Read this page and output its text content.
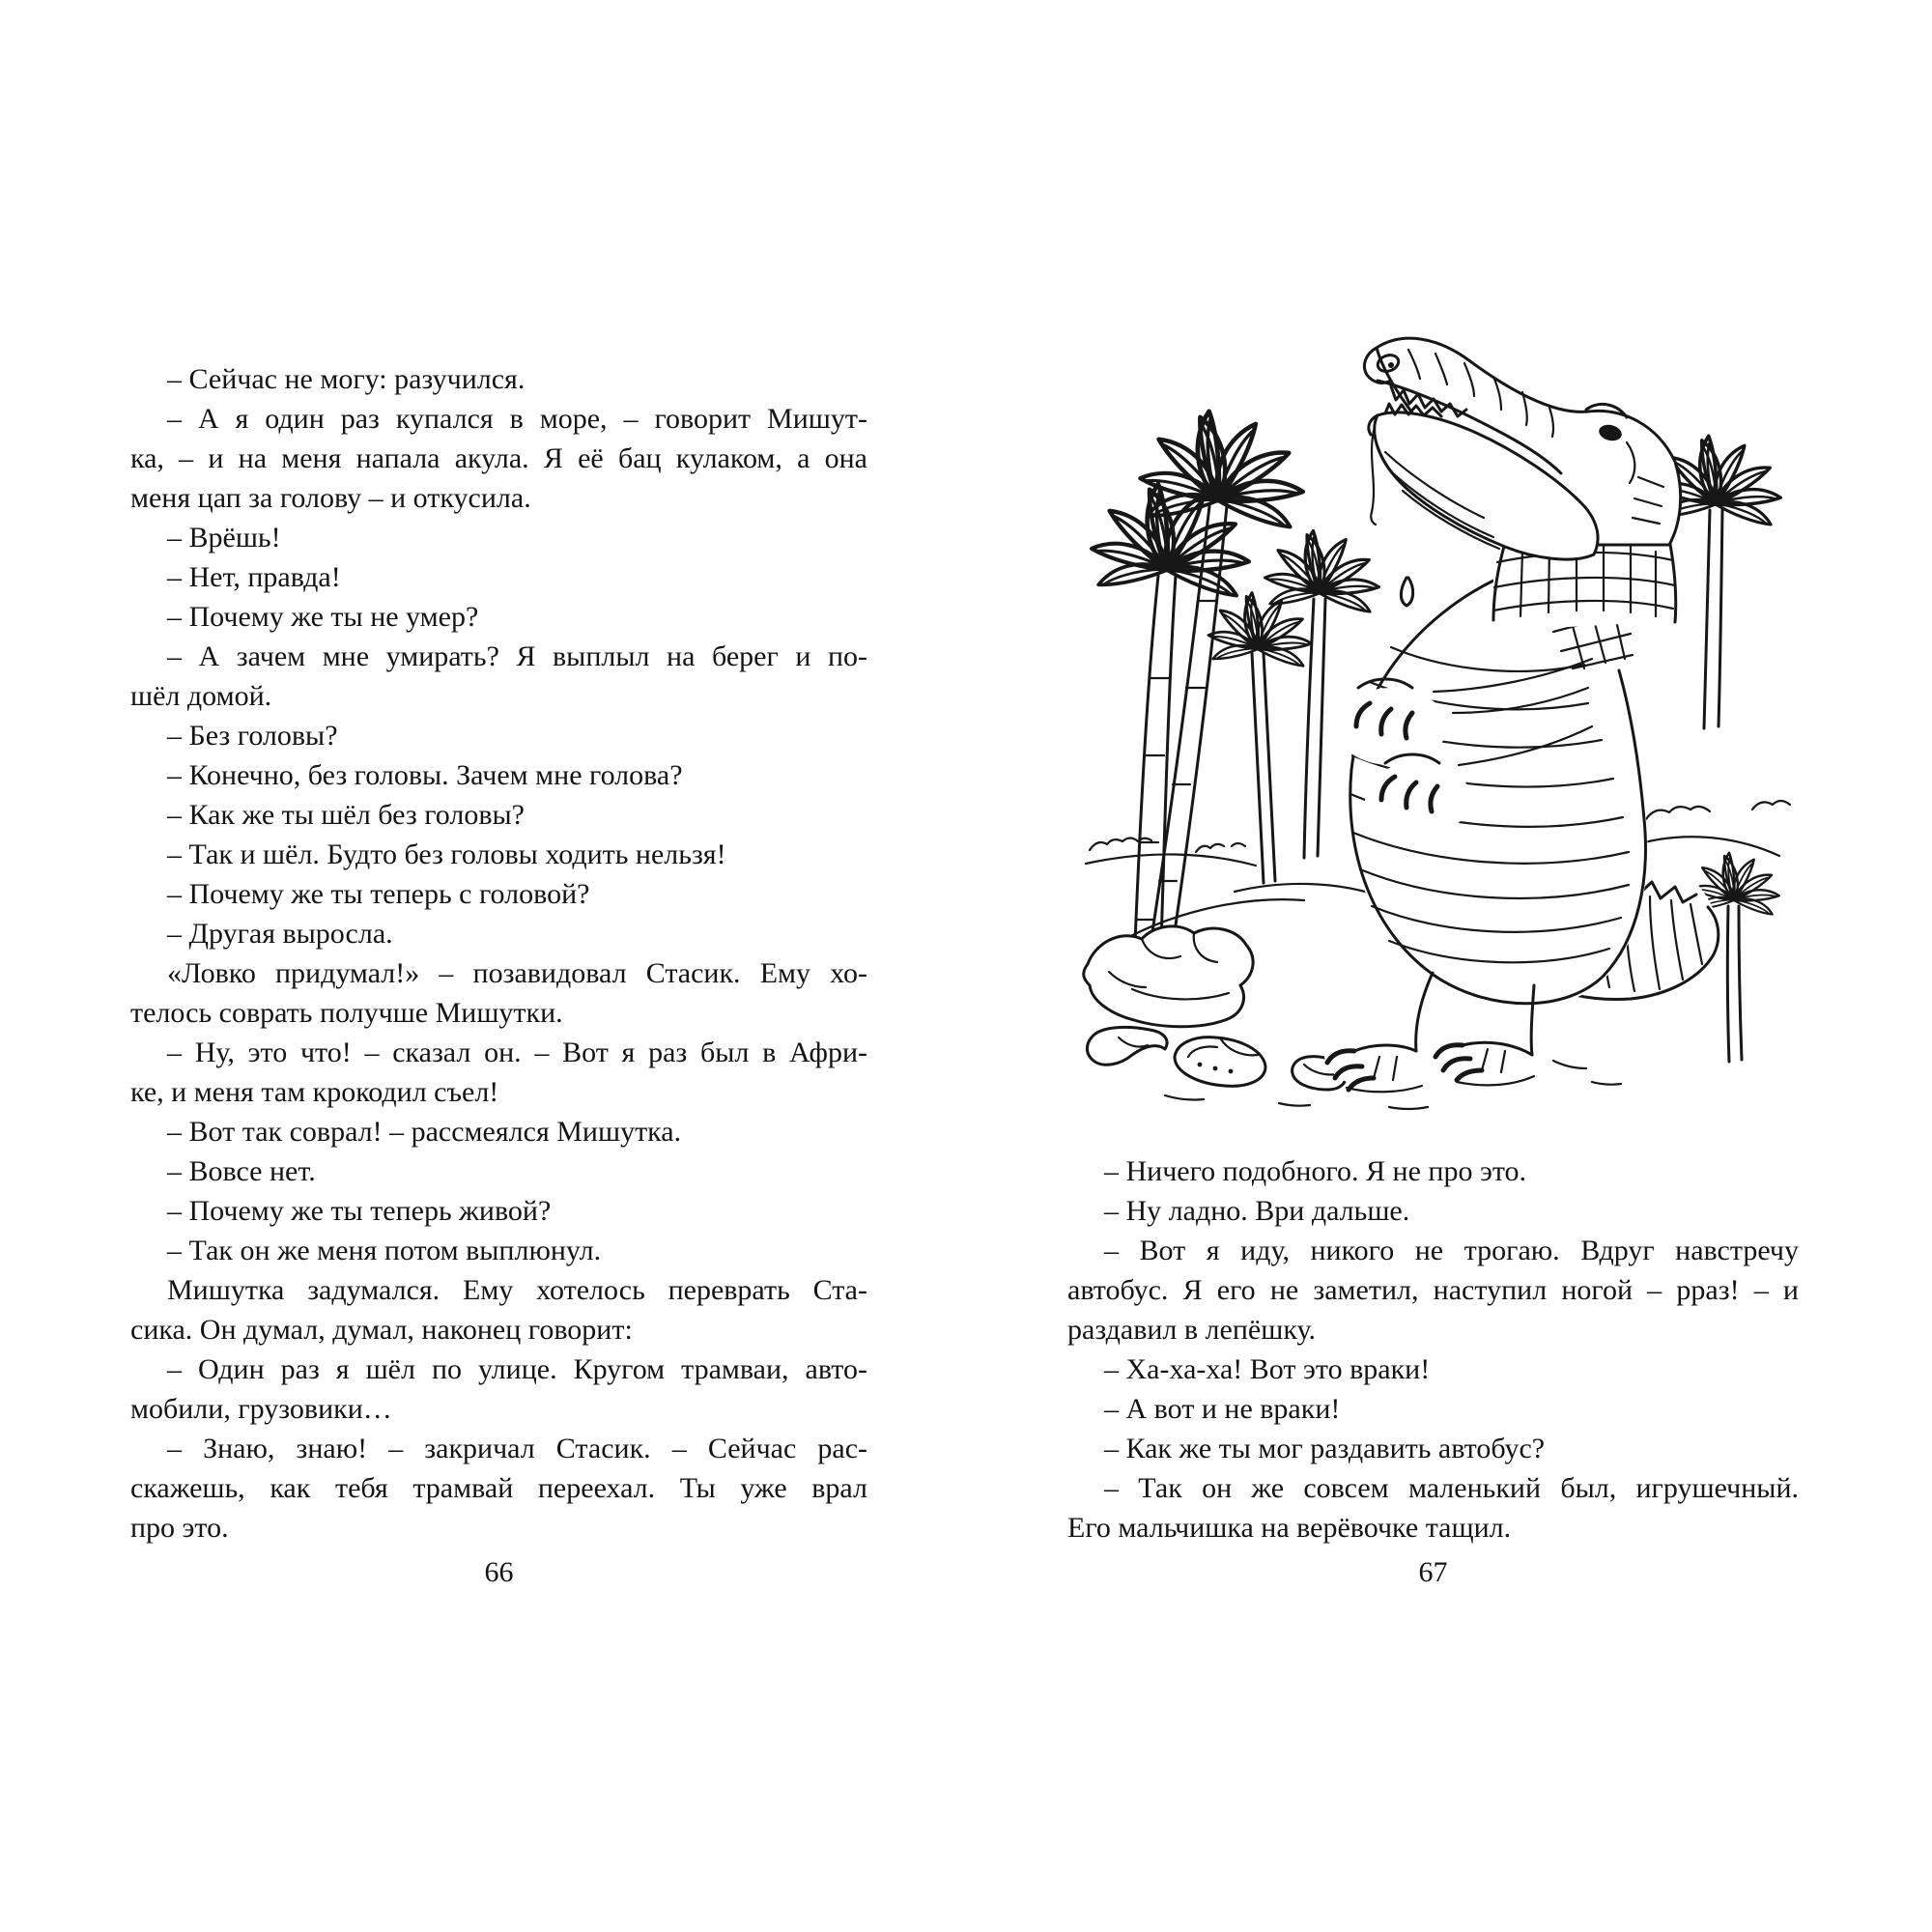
– Сейчас не могу: разучился.
– А я один раз купался в море, – говорит Мишут-
ка, – и на меня напала акула. Я её бац кулаком, а она
меня цап за голову – и откусила.
– Врёшь!
– Нет, правда!
– Почему же ты не умер?
– А зачем мне умирать? Я выплыл на берег и по-
шёл домой.
– Без головы?
– Конечно, без головы. Зачем мне голова?
– Как же ты шёл без головы?
– Так и шёл. Будто без головы ходить нельзя!
– Почему же ты теперь с головой?
– Другая выросла.
«Ловко придумал!» – позавидовал Стасик. Ему хо-
телось соврать получше Мишутки.
– Ну, это что! – сказал он. – Вот я раз был в Афри-
ке, и меня там крокодил съел!
– Вот так соврал! – рассмеялся Мишутка.
– Вовсе нет.
– Почему же ты теперь живой?
– Так он же меня потом выплюнул.
Мишутка задумался. Ему хотелось переврать Ста-
сика. Он думал, думал, наконец говорит:
– Один раз я шёл по улице. Кругом трамваи, авто-
мобили, грузовики…
– Знаю, знаю! – закричал Стасик. – Сейчас рас-
скажешь, как тебя трамвай переехал. Ты уже врал
про это.
66
– Ничего подобного. Я не про это.
– Ну ладно. Ври дальше.
– Вот я иду, никого не трогаю. Вдруг навстречу
автобус. Я его не заметил, наступил ногой – рраз! – и
раздавил в лепёшку.
– Ха-ха-ха! Вот это враки!
– А вот и не враки!
– Как же ты мог раздавить автобус?
– Так он же совсем маленький был, игрушечный.
Его мальчишка на верёвочке тащил.
67
